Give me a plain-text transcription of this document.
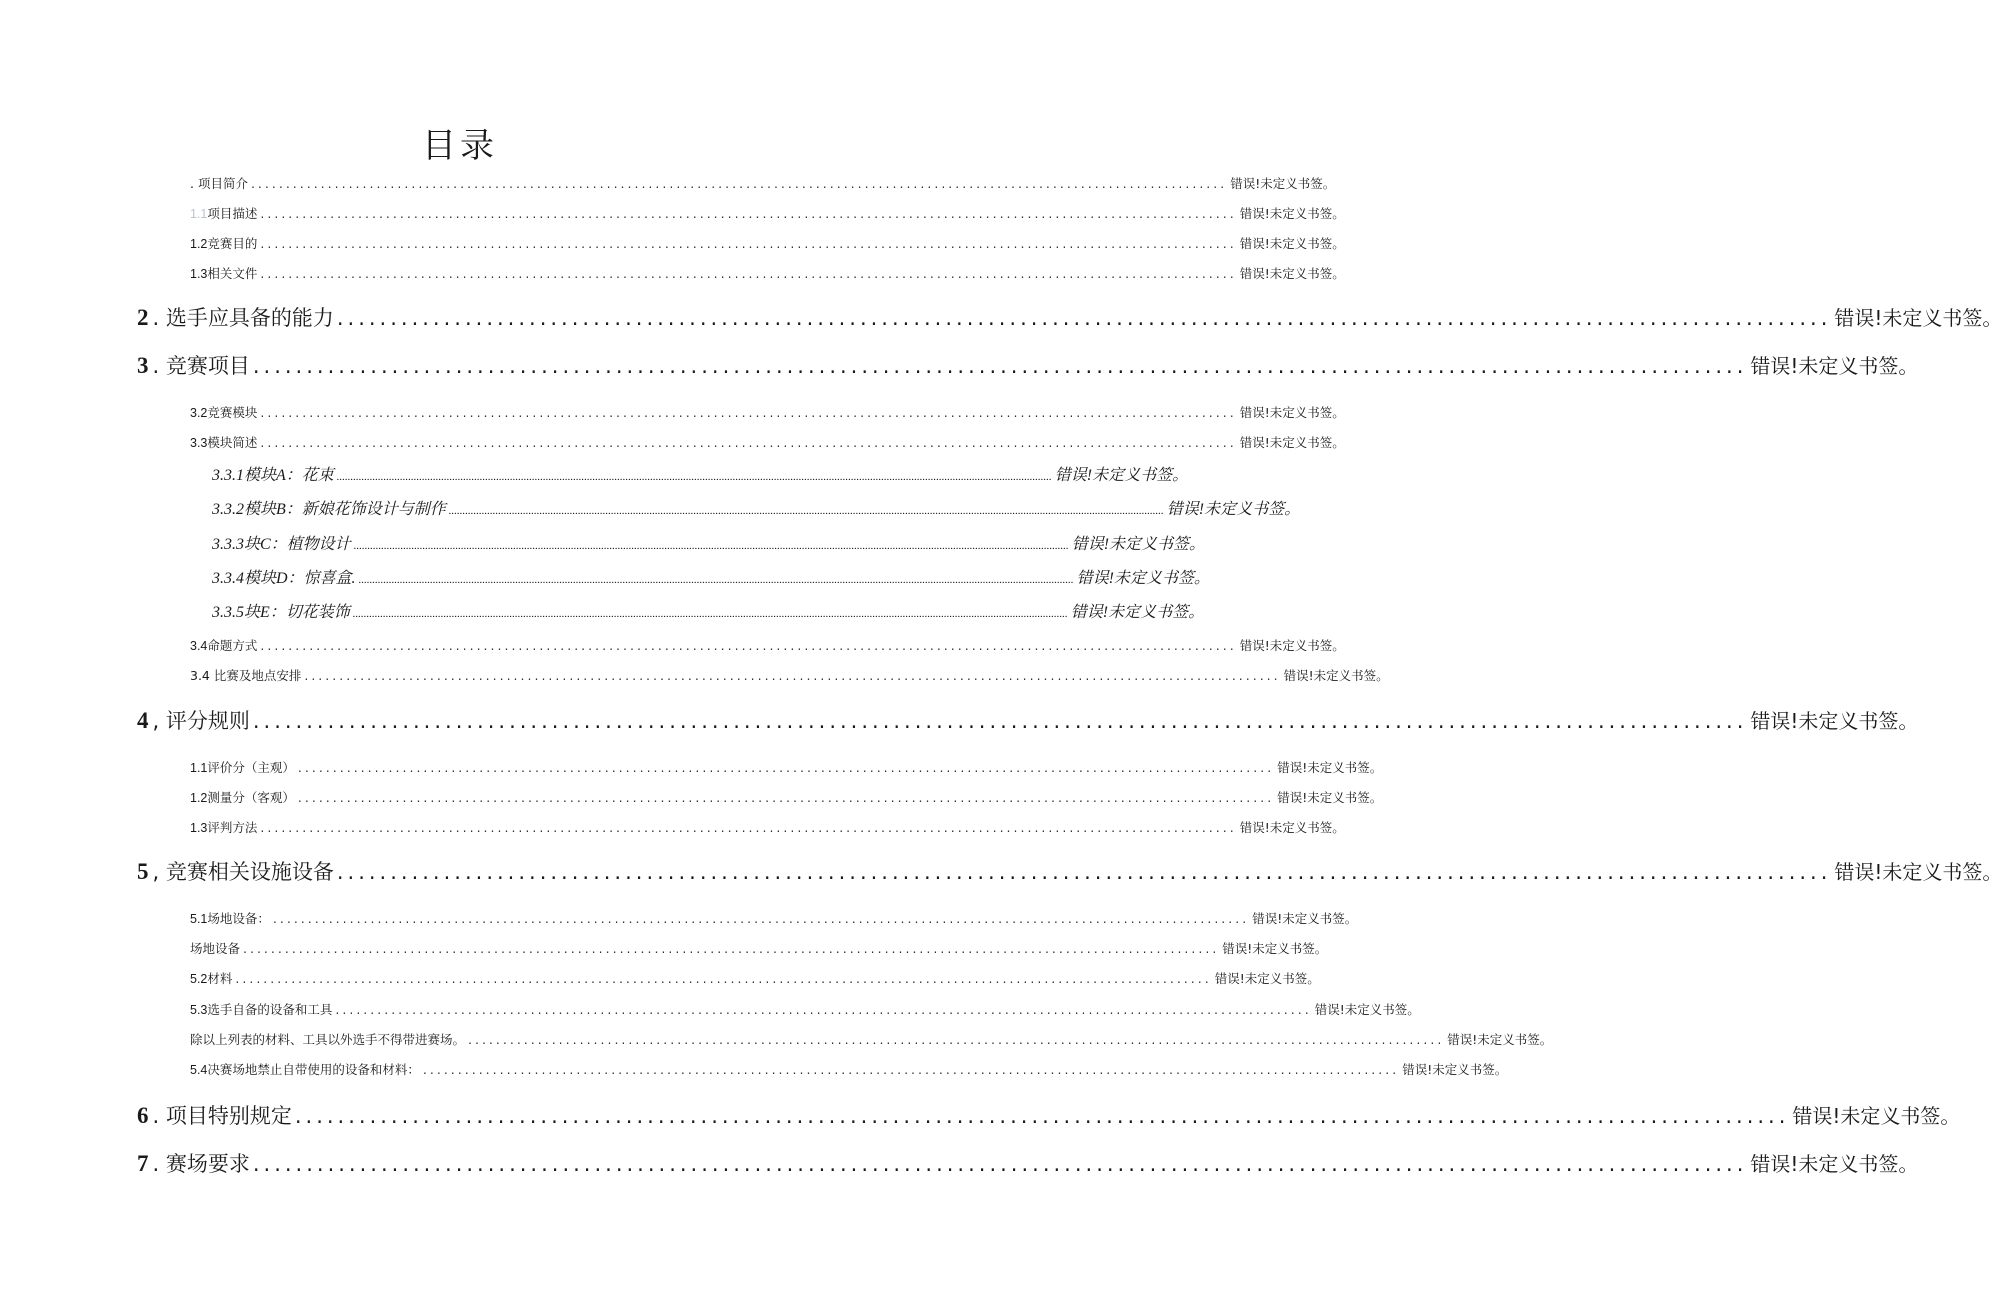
目录
. 项目简介 ............................................................................................................................................ 错误!未定义书签。
1.1 项目描述 ............................................................................................................................................ 错误!未定义书签。
1.2 竞赛目的 ............................................................................................................................................ 错误!未定义书签。
1.3 相关文件 ............................................................................................................................................ 错误!未定义书签。
2 . 选手应具备的能力 ............................................................................................................................................ 错误!未定义书签。
3 . 竞赛项目 ............................................................................................................................................ 错误!未定义书签。
3.2 竞赛模块 ............................................................................................................................................ 错误!未定义书签。
3.3 模块简述 ............................................................................................................................................ 错误!未定义书签。
3.3.1 模块A：花束 .................................................................................................................................................................................................................................................................... 错误!未定义书签。
3.3.2 模块B：新娘花饰设计与制作 .................................................................................................................................................................................................................................................................... 错误!未定义书签。
3.3.3 块C：植物设计 .................................................................................................................................................................................................................................................................... 错误!未定义书签。
3.3.4 模块D：惊喜盒. .................................................................................................................................................................................................................................................................... 错误!未定义书签。
3.3.5 块E：切花装饰 .................................................................................................................................................................................................................................................................... 错误!未定义书签。
3.4 命题方式 ............................................................................................................................................ 错误!未定义书签。
3.4 比赛及地点安排 ............................................................................................................................................ 错误!未定义书签。
4 , 评分规则 ............................................................................................................................................ 错误!未定义书签。
1.1 评价分（主观） ............................................................................................................................................ 错误!未定义书签。
1.2 测量分（客观） ............................................................................................................................................ 错误!未定义书签。
1.3 评判方法 ............................................................................................................................................ 错误!未定义书签。
5 , 竞赛相关设施设备 ............................................................................................................................................ 错误!未定义书签。
5.1 场地设备： ............................................................................................................................................ 错误!未定义书签。
场地设备 ............................................................................................................................................ 错误!未定义书签。
5.2 材料 ............................................................................................................................................ 错误!未定义书签。
5.3 选手自备的设备和工具 ............................................................................................................................................ 错误!未定义书签。
除以上列表的材料、工具以外选手不得带进赛场。 ............................................................................................................................................ 错误!未定义书签。
5.4 决赛场地禁止自带使用的设备和材料： ............................................................................................................................................ 错误!未定义书签。
6 . 项目特别规定 ............................................................................................................................................ 错误!未定义书签。
7 . 赛场要求 ............................................................................................................................................ 错误!未定义书签。
